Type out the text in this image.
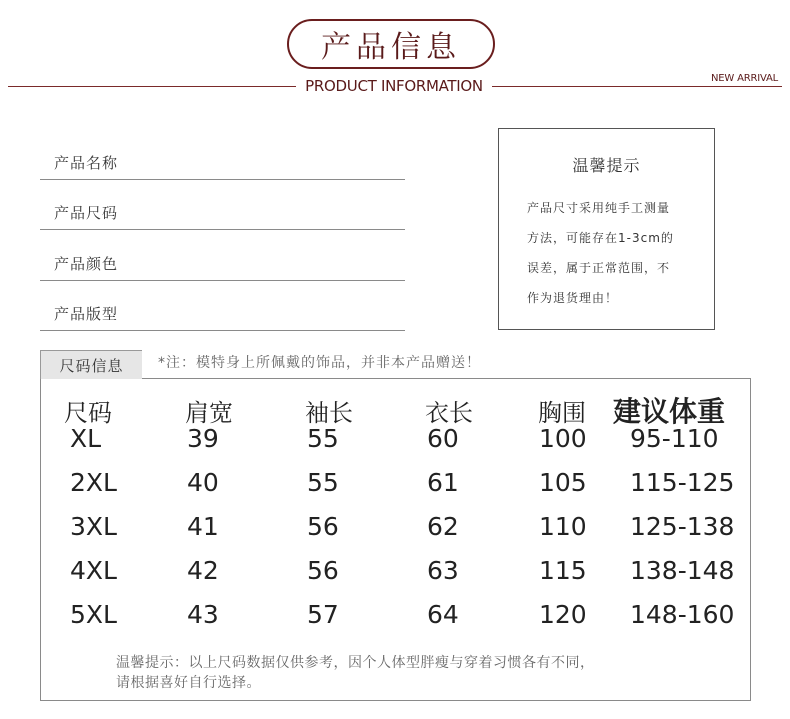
产品信息
PRODUCT INFORMATION	NEW ARRIVAL
产品名称
产品尺码
产品颜色
产品版型
温馨提示
产品尺寸采用纯手工测量
方法，可能存在1-3cm的
误差，属于正常范围，不
作为退货理由！
尺码信息	*注：模特身上所佩戴的饰品，并非本产品赠送！
尺码	肩宽	袖长	衣长	胸围 建议体重
XL	39	55	60	100 95-110
2XL	40	55	61	105 115-125
3XL	41	56	62	110 125-138
4XL	42	56	63	115 138-148
5XL	43	57	64	120 148-160
温馨提示：以上尺码数据仅供参考，因个人体型胖瘦与穿着习惯各有不同，
请根据喜好自行选择。
